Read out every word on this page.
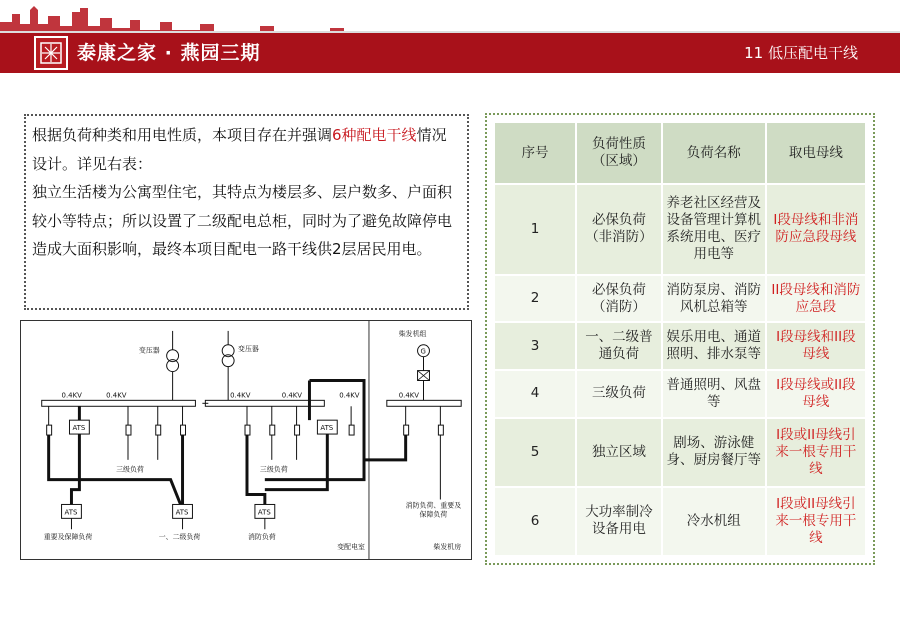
泰康之家 · 燕园三期	11 低压配电干线
根据负荷种类和用电性质，本项目存在并强调6种配电干线情况设计。详见右表：
独立生活楼为公寓型住宅，其特点为楼层多、层户数多、户面积较小等特点；所以设置了二级配电总柜，同时为了避免故障停电造成大面积影响，最终本项目配电一路干线供2层居民用电。
变压器	变压器
柴发机组
G
0.4KV	0.4KV	0.4KV	0.4KV	0.4KV	0.4KV
ATS	ATS
三级负荷	三级负荷
ATS	ATS	ATS
重要及保障负荷	一、二级负荷	消防负荷
消防负荷、重要及保障负荷
变配电室	柴发机房
序号	负荷性质（区域）	负荷名称	取电母线
1	必保负荷（非消防）	养老社区经营及设备管理计算机系统用电、医疗用电等	I段母线和非消防应急段母线
2	必保负荷（消防）	消防泵房、消防风机总箱等	II段母线和消防应急段
3	一、二级普通负荷	娱乐用电、通道照明、排水泵等	I段母线和II段母线
4	三级负荷	普通照明、风盘等	I段母线或II段母线
5	独立区域	剧场、游泳健身、厨房餐厅等	I段或II母线引来一根专用干线
6	大功率制冷设备用电	冷水机组	I段或II母线引来一根专用干线
